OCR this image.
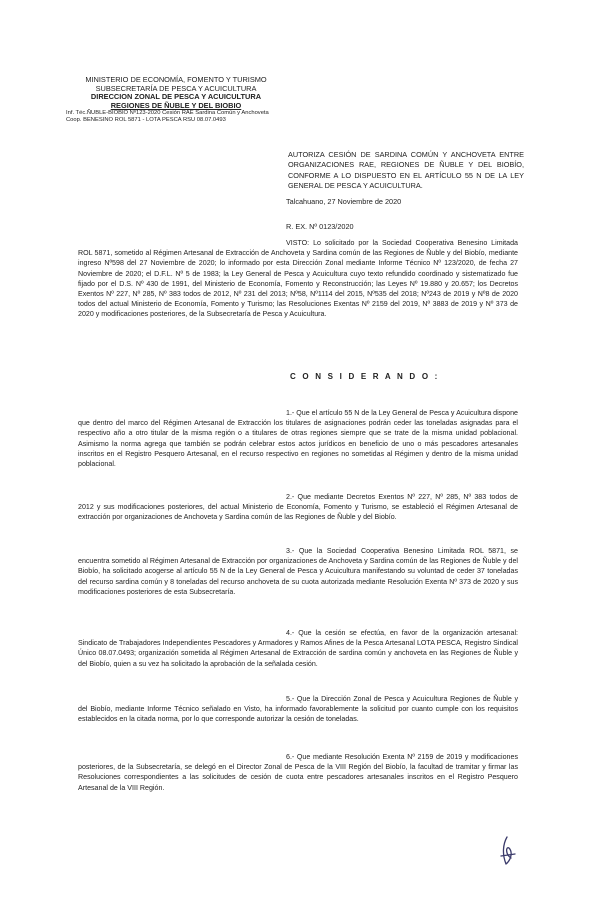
MINISTERIO DE ECONOMÍA, FOMENTO Y TURISMO
SUBSECRETARÍA DE PESCA Y ACUICULTURA
DIRECCION ZONAL DE PESCA Y ACUICULTURA
REGIONES DE ÑUBLE Y DEL BIOBIO
Inf. Téc.ÑUBLE-BIOBIO Nº123-2020 Cesión RAE Sardina Común y Anchoveta
Coop. BENESINO ROL 5871 - LOTA PESCA RSU 08.07.0493
AUTORIZA CESIÓN DE SARDINA COMÚN Y ANCHOVETA ENTRE ORGANIZACIONES RAE, REGIONES DE ÑUBLE Y DEL BIOBÍO, CONFORME A LO DISPUESTO EN EL ARTÍCULO 55 N DE LA LEY GENERAL DE PESCA Y ACUICULTURA.
Talcahuano, 27 Noviembre de 2020
R. EX. Nº 0123/2020
VISTO: Lo solicitado por la Sociedad Cooperativa Benesino Limitada ROL 5871, sometido al Régimen Artesanal de Extracción de Anchoveta y Sardina común de las Regiones de Ñuble y del Biobío, mediante ingreso Nº598 del 27 Noviembre de 2020; lo informado por esta Dirección Zonal mediante Informe Técnico Nº 123/2020, de fecha 27 Noviembre de 2020; el D.F.L. Nº 5 de 1983; la Ley General de Pesca y Acuicultura cuyo texto refundido coordinado y sistematizado fue fijado por el D.S. Nº 430 de 1991, del Ministerio de Economía, Fomento y Reconstrucción; las Leyes Nº 19.880 y 20.657; los Decretos Exentos Nº 227, Nº 285, Nº 383 todos de 2012, Nº 231 del 2013; Nº58, Nº1114 del 2015, Nº535 del 2018; Nº243 de 2019 y Nº8 de 2020 todos del actual Ministerio de Economía, Fomento y Turismo; las Resoluciones Exentas Nº 2159 del 2019, Nº 3883 de 2019 y Nº 373 de 2020 y modificaciones posteriores, de la Subsecretaría de Pesca y Acuicultura.
C O N S I D E R A N D O :
1.- Que el artículo 55 N de la Ley General de Pesca y Acuicultura dispone que dentro del marco del Régimen Artesanal de Extracción los titulares de asignaciones podrán ceder las toneladas asignadas para el respectivo año a otro titular de la misma región o a titulares de otras regiones siempre que se trate de la misma unidad poblacional. Asimismo la norma agrega que también se podrán celebrar estos actos jurídicos en beneficio de uno o más pescadores artesanales inscritos en el Registro Pesquero Artesanal, en el recurso respectivo en regiones no sometidas al Régimen y dentro de la misma unidad poblacional.
2.- Que mediante Decretos Exentos Nº 227, Nº 285, Nº 383 todos de 2012 y sus modificaciones posteriores, del actual Ministerio de Economía, Fomento y Turismo, se estableció el Régimen Artesanal de extracción por organizaciones de Anchoveta y Sardina común de las Regiones de Ñuble y del Biobío.
3.- Que la Sociedad Cooperativa Benesino Limitada ROL 5871, se encuentra sometido al Régimen Artesanal de Extracción por organizaciones de Anchoveta y Sardina común de las Regiones de Ñuble y del Biobío, ha solicitado acogerse al artículo 55 N de la Ley General de Pesca y Acuicultura manifestando su voluntad de ceder 37 toneladas del recurso sardina común y 8 toneladas del recurso anchoveta de su cuota autorizada mediante Resolución Exenta Nº 373 de 2020 y sus modificaciones posteriores de esta Subsecretaría.
4.- Que la cesión se efectúa, en favor de la organización artesanal: Sindicato de Trabajadores Independientes Pescadores y Armadores y Ramos Afines de la Pesca Artesanal LOTA PESCA, Registro Sindical Único 08.07.0493; organización sometida al Régimen Artesanal de Extracción de sardina común y anchoveta en las Regiones de Ñuble y del Biobío, quien a su vez ha solicitado la aprobación de la señalada cesión.
5.- Que la Dirección Zonal de Pesca y Acuicultura Regiones de Ñuble y del Biobío, mediante Informe Técnico señalado en Visto, ha informado favorablemente la solicitud por cuanto cumple con los requisitos establecidos en la citada norma, por lo que corresponde autorizar la cesión de toneladas.
6.- Que mediante Resolución Exenta Nº 2159 de 2019 y modificaciones posteriores, de la Subsecretaría, se delegó en el Director Zonal de Pesca de la VIII Región del Biobío, la facultad de tramitar y firmar las Resoluciones correspondientes a las solicitudes de cesión de cuota entre pescadores artesanales inscritos en el Registro Pesquero Artesanal de la VIII Región.
